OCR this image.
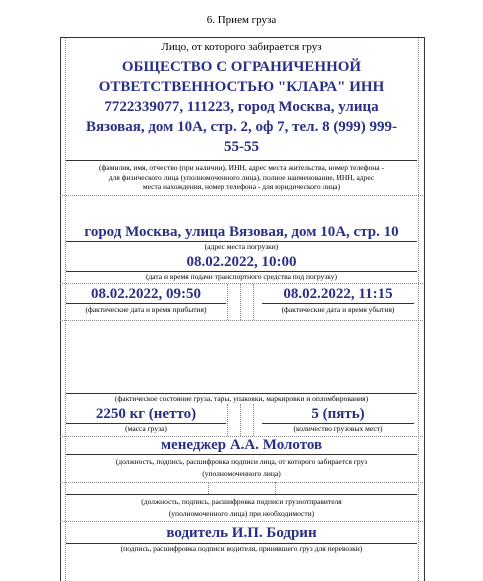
6. Прием груза
Лицо, от которого забирается груз
ОБЩЕСТВО С ОГРАНИЧЕННОЙ
ОТВЕТСТВЕННОСТЬЮ "КЛАРА" ИНН
7722339077, 111223, город Москва, улица
Вязовая, дом 10А, стр. 2, оф 7, тел. 8 (999) 999-
55-55
(фамилия, имя, отчество (при наличии), ИНН, адрес места жительства, номер телефона -
для физического лица (уполномоченного лица), полное наименование, ИНН, адрес
места нахождения, номер телефона - для юридического лица)
город Москва, улица Вязовая, дом 10А, стр. 10
(адрес места погрузки)
08.02.2022, 10:00
(дата и время подачи транспортного средства под погрузку)
08.02.2022, 09:50	08.02.2022, 11:15
(фактические дата и время прибытия)	(фактические дата и время убытия)
(фактическое состояние груза, тары, упаковки, маркировки и опломбирования)
2250 кг (нетто)	5 (пять)
(масса груза)	(количество грузовых мест)
менеджер А.А. Молотов
(должность, подпись, расшифровка подписи лица, от которого забирается груз
(уполномоченного лица)
(должность, подпись, расшифровка подписи грузоотправителя
(уполномоченного лица) при необходимости)
водитель И.П. Бодрин
(подпись, расшифровка подписи водителя, принявшего груз для перевозки)
